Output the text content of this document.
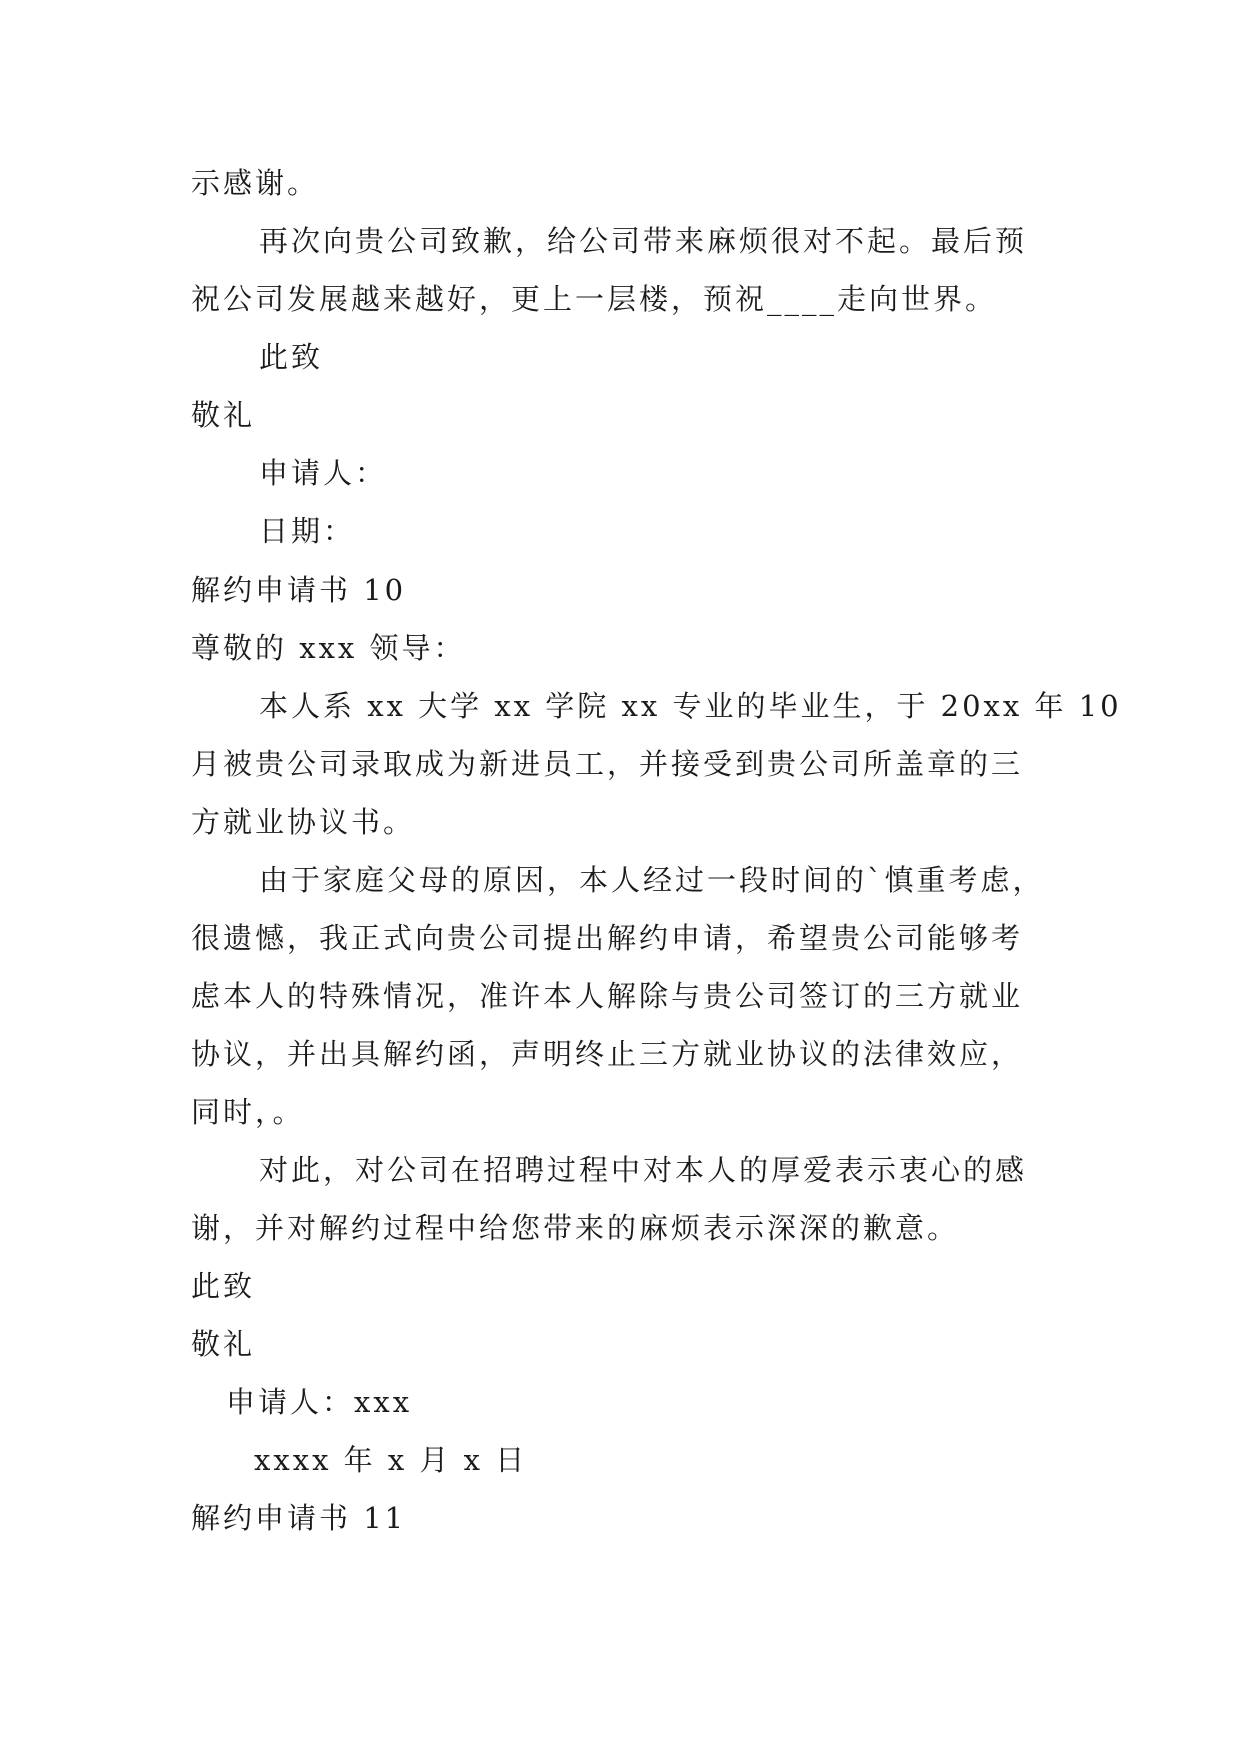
示感谢。
再次向贵公司致歉，给公司带来麻烦很对不起。最后预
祝公司发展越来越好，更上一层楼，预祝____走向世界。
此致
敬礼
申请人：
日期：
解约申请书 10
尊敬的 xxx 领导：
本人系 xx 大学 xx 学院 xx 专业的毕业生，于 20xx 年 10
月被贵公司录取成为新进员工，并接受到贵公司所盖章的三
方就业协议书。
由于家庭父母的原因，本人经过一段时间的`慎重考虑，
很遗憾，我正式向贵公司提出解约申请，希望贵公司能够考
虑本人的特殊情况，准许本人解除与贵公司签订的三方就业
协议，并出具解约函，声明终止三方就业协议的法律效应，
同时，。
对此，对公司在招聘过程中对本人的厚爱表示衷心的感
谢，并对解约过程中给您带来的麻烦表示深深的歉意。
此致
敬礼
申请人：xxx
xxxx 年 x 月 x 日
解约申请书 11
